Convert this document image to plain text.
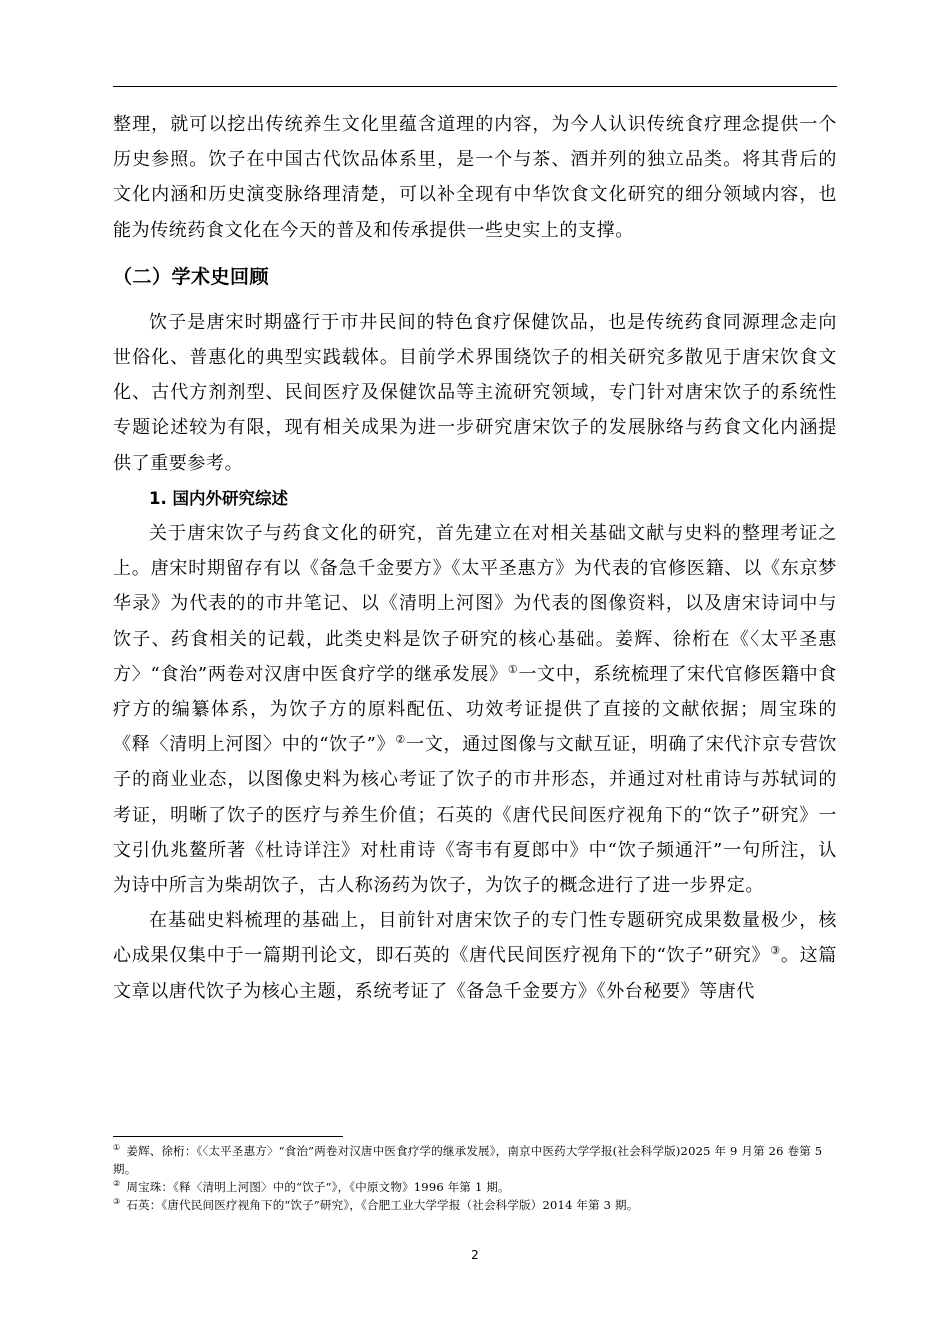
整理，就可以挖出传统养生文化里蕴含道理的内容，为今人认识传统食疗理念提供一个历史参照。饮子在中国古代饮品体系里，是一个与茶、酒并列的独立品类。将其背后的文化内涵和历史演变脉络理清楚，可以补全现有中华饮食文化研究的细分领域内容，也能为传统药食文化在今天的普及和传承提供一些史实上的支撑。

（二）学术史回顾

饮子是唐宋时期盛行于市井民间的特色食疗保健饮品，也是传统药食同源理念走向世俗化、普惠化的典型实践载体。目前学术界围绕饮子的相关研究多散见于唐宋饮食文化、古代方剂剂型、民间医疗及保健饮品等主流研究领域，专门针对唐宋饮子的系统性专题论述较为有限，现有相关成果为进一步研究唐宋饮子的发展脉络与药食文化内涵提供了重要参考。

1. 国内外研究综述

关于唐宋饮子与药食文化的研究，首先建立在对相关基础文献与史料的整理考证之上。唐宋时期留存有以《备急千金要方》《太平圣惠方》为代表的官修医籍、以《东京梦华录》为代表的的市井笔记、以《清明上河图》为代表的图像资料，以及唐宋诗词中与饮子、药食相关的记载，此类史料是饮子研究的核心基础。姜辉、徐桁在《〈太平圣惠方〉“食治”两卷对汉唐中医食疗学的继承发展》①一文中，系统梳理了宋代官修医籍中食疗方的编纂体系，为饮子方的原料配伍、功效考证提供了直接的文献依据；周宝珠的《释〈清明上河图〉中的“饮子”》②一文，通过图像与文献互证，明确了宋代汴京专营饮子的商业业态，以图像史料为核心考证了饮子的市井形态，并通过对杜甫诗与苏轼词的考证，明晰了饮子的医疗与养生价值；石英的《唐代民间医疗视角下的“饮子”研究》一文引仇兆鳌所著《杜诗详注》对杜甫诗《寄韦有夏郎中》中“饮子频通汗”一句所注，认为诗中所言为柴胡饮子，古人称汤药为饮子，为饮子的概念进行了进一步界定。

在基础史料梳理的基础上，目前针对唐宋饮子的专门性专题研究成果数量极少，核心成果仅集中于一篇期刊论文，即石英的《唐代民间医疗视角下的“饮子”研究》③。这篇文章以唐代饮子为核心主题，系统考证了《备急千金要方》《外台秘要》等唐代

① 姜辉、徐桁：《〈太平圣惠方〉“食治”两卷对汉唐中医食疗学的继承发展》，南京中医药大学学报(社会科学版)2025 年 9 月第 26 卷第 5 期。

② 周宝珠：《释〈清明上河图〉中的“饮子”》，《中原文物》1996 年第 1 期。

③ 石英：《唐代民间医疗视角下的“饮子”研究》，《合肥工业大学学报（社会科学版）2014 年第 3 期。

2
